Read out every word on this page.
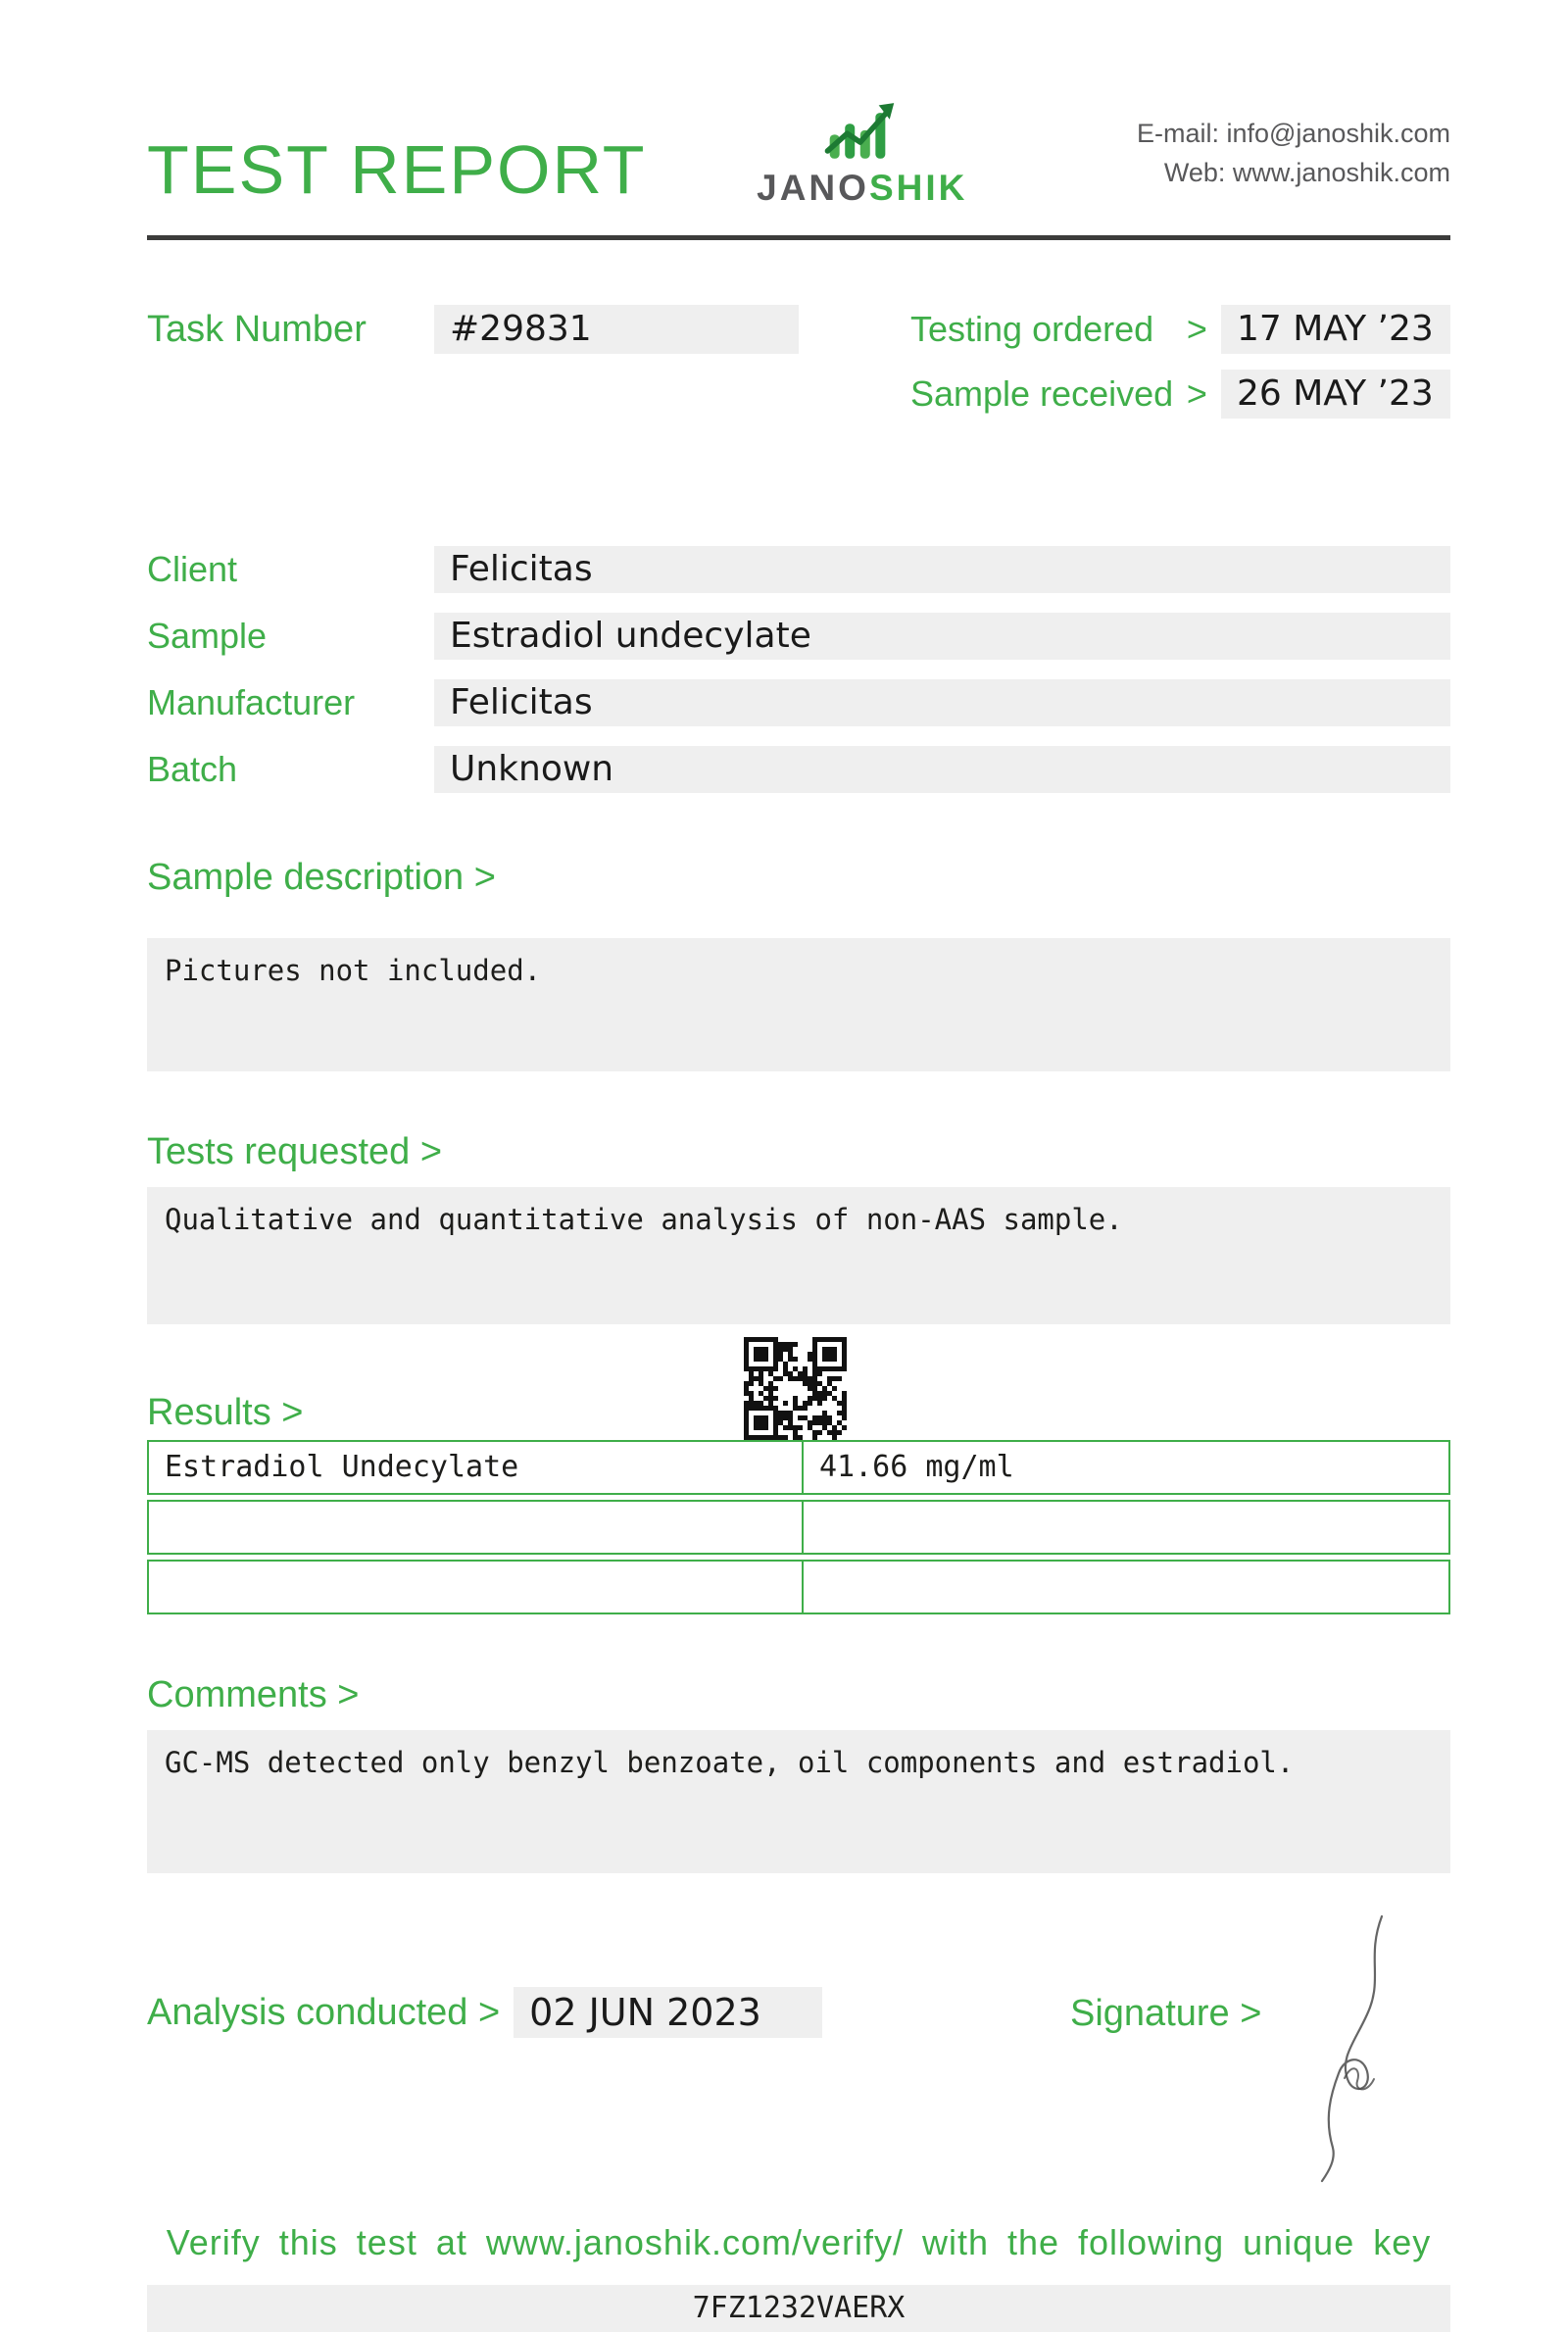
TEST REPORT	JANOSHIK
E-mail: info@janoshik.com
Web: www.janoshik.com
Task Number	#29831	Testing ordered > 17 MAY ’23
Sample received > 26 MAY ’23
Client	Felicitas
Sample	Estradiol undecylate
Manufacturer	Felicitas
Batch	Unknown
Sample description >
Pictures not included.
Tests requested >
Qualitative and quantitative analysis of non-AAS sample.
Results >
Estradiol Undecylate	41.66 mg/ml
Comments >
GC-MS detected only benzyl benzoate, oil components and estradiol.
Analysis conducted > 02 JUN 2023	Signature >
Verify this test at www.janoshik.com/verify/ with the following unique key
7FZ1232VAERX
